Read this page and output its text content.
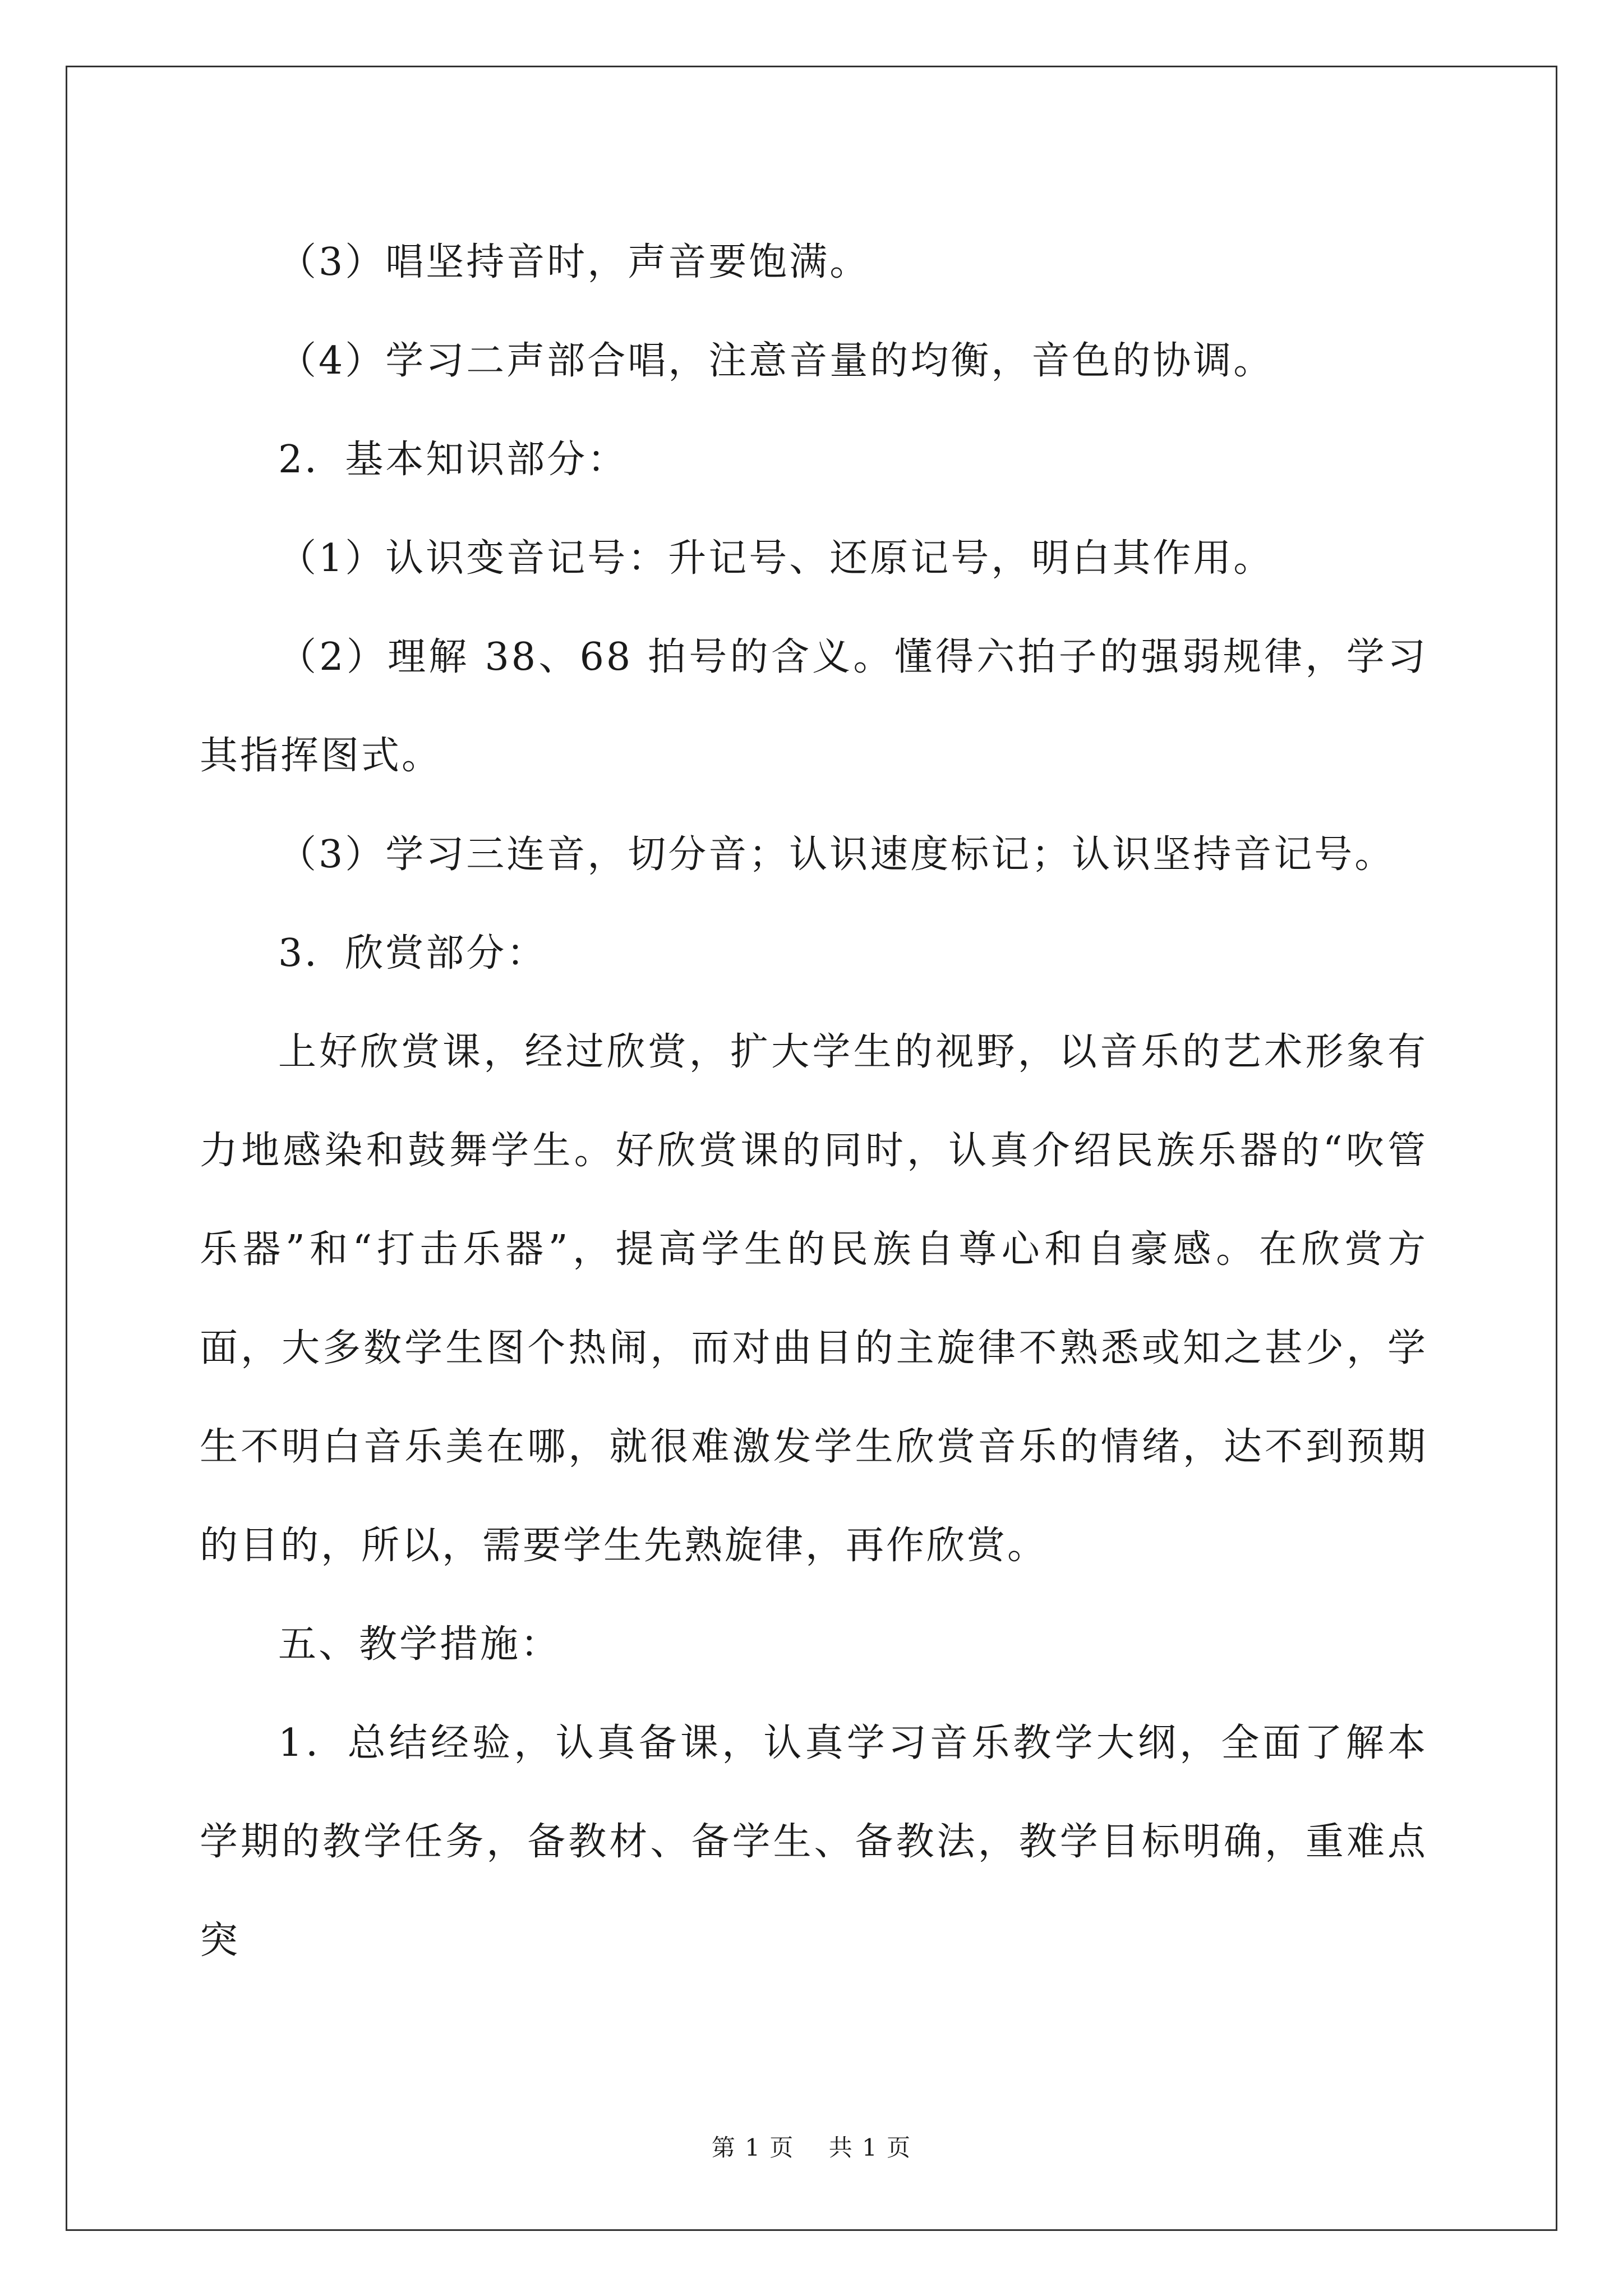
（3）唱坚持音时，声音要饱满。

（4）学习二声部合唱，注意音量的均衡，音色的协调。

2．基本知识部分：

（1）认识变音记号：升记号、还原记号，明白其作用。

（2）理解 38、68 拍号的含义。懂得六拍子的强弱规律，学习其指挥图式。

（3）学习三连音，切分音；认识速度标记；认识坚持音记号。

3．欣赏部分：

上好欣赏课，经过欣赏，扩大学生的视野，以音乐的艺术形象有力地感染和鼓舞学生。好欣赏课的同时，认真介绍民族乐器的“吹管乐器”和“打击乐器”，提高学生的民族自尊心和自豪感。在欣赏方面，大多数学生图个热闹，而对曲目的主旋律不熟悉或知之甚少，学生不明白音乐美在哪，就很难激发学生欣赏音乐的情绪，达不到预期的目的，所以，需要学生先熟旋律，再作欣赏。

五、教学措施：

1．总结经验，认真备课，认真学习音乐教学大纲，全面了解本学期的教学任务，备教材、备学生、备教法，教学目标明确，重难点突

第 1 页 共 1 页
